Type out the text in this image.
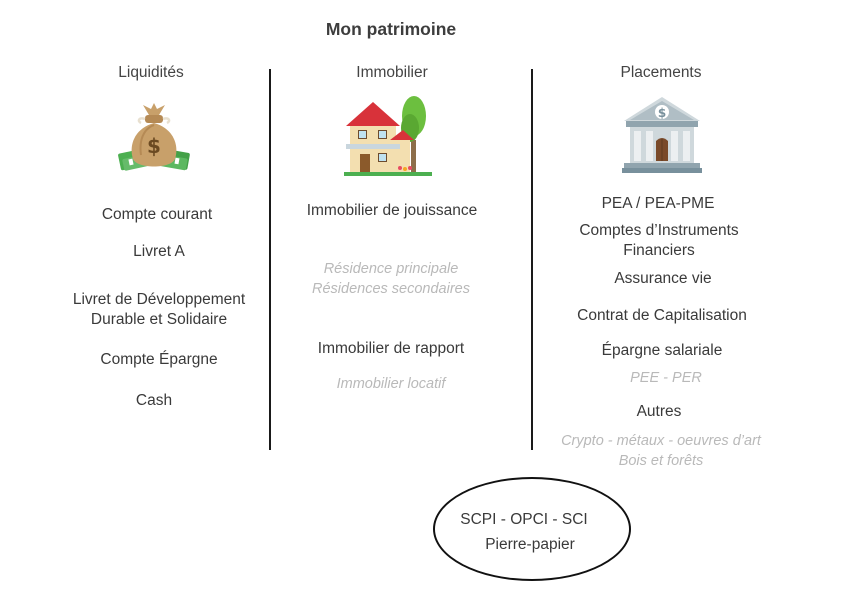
Mon patrimoine
Liquidités
$
Compte courant
Livret A
Livret de Développement
Durable et Solidaire
Compte Épargne
Cash
Immobilier
Immobilier de jouissance
Résidence principale
Résidences secondaires
Immobilier de rapport
Immobilier locatif
Placements
$
PEA / PEA-PME
Comptes d’Instruments
Financiers
Assurance vie
Contrat de Capitalisation
Épargne salariale
PEE - PER
Autres
Crypto - métaux - oeuvres d’art
Bois et forêts
SCPI - OPCI - SCI
Pierre-papier
